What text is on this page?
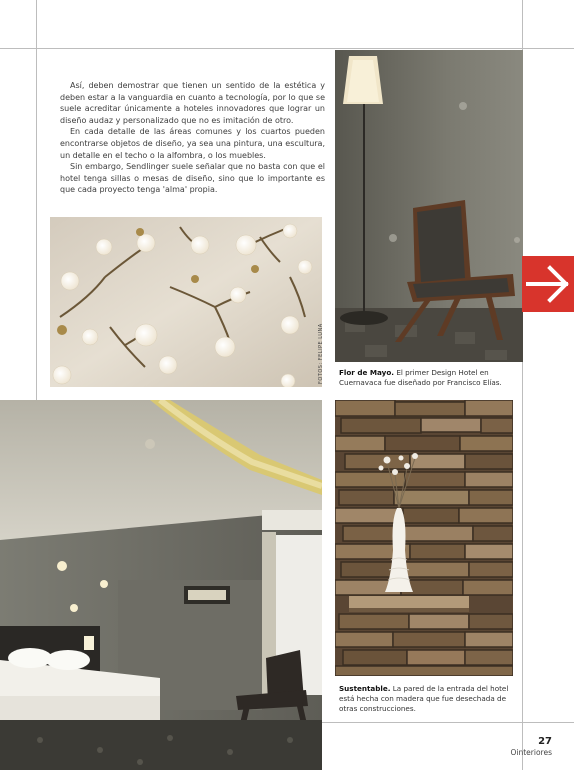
Así, deben demostrar que tienen un sentido de la estética y deben estar a la vanguardia en cuanto a tecnología, por lo que se suele acreditar únicamente a hoteles innovadores que lograr un diseño audaz y personalizado que no es imitación de otro.

En cada detalle de las áreas comunes y los cuartos pueden encontrarse objetos de diseño, ya sea una pintura, una escultura, un detalle en el techo o la alfombra, o los muebles.

Sin embargo, Sendlinger suele señalar que no basta con que el hotel tenga sillas o mesas de diseño, sino que lo importante es que cada proyecto tenga 'alma' propia.

FOTOS: FELIPE LUNA Flor de Mayo. El primer Design Hotel en Cuernavaca fue diseñado por Francisco Elías.
Sustentable. La pared de la entrada del hotel está hecha con madera que fue desechada de otras construcciones.
27
Ointeriores
